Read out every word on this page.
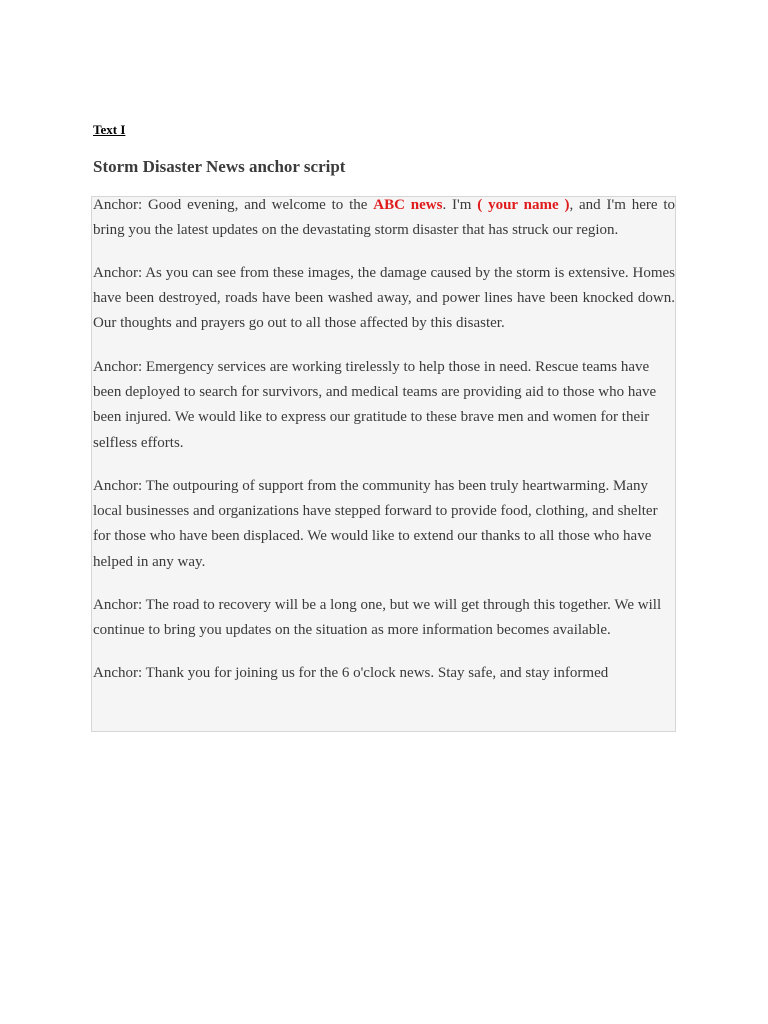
Text I

Storm Disaster News anchor script

Anchor: Good evening, and welcome to the ABC news. I'm ( your name ), and I'm here to bring you the latest updates on the devastating storm disaster that has struck our region.

Anchor: As you can see from these images, the damage caused by the storm is extensive. Homes have been destroyed, roads have been washed away, and power lines have been knocked down. Our thoughts and prayers go out to all those affected by this disaster.

Anchor: Emergency services are working tirelessly to help those in need. Rescue teams have been deployed to search for survivors, and medical teams are providing aid to those who have been injured. We would like to express our gratitude to these brave men and women for their selfless efforts.

Anchor: The outpouring of support from the community has been truly heartwarming. Many local businesses and organizations have stepped forward to provide food, clothing, and shelter for those who have been displaced. We would like to extend our thanks to all those who have helped in any way.

Anchor: The road to recovery will be a long one, but we will get through this together. We will continue to bring you updates on the situation as more information becomes available.

Anchor: Thank you for joining us for the 6 o'clock news. Stay safe, and stay informed
